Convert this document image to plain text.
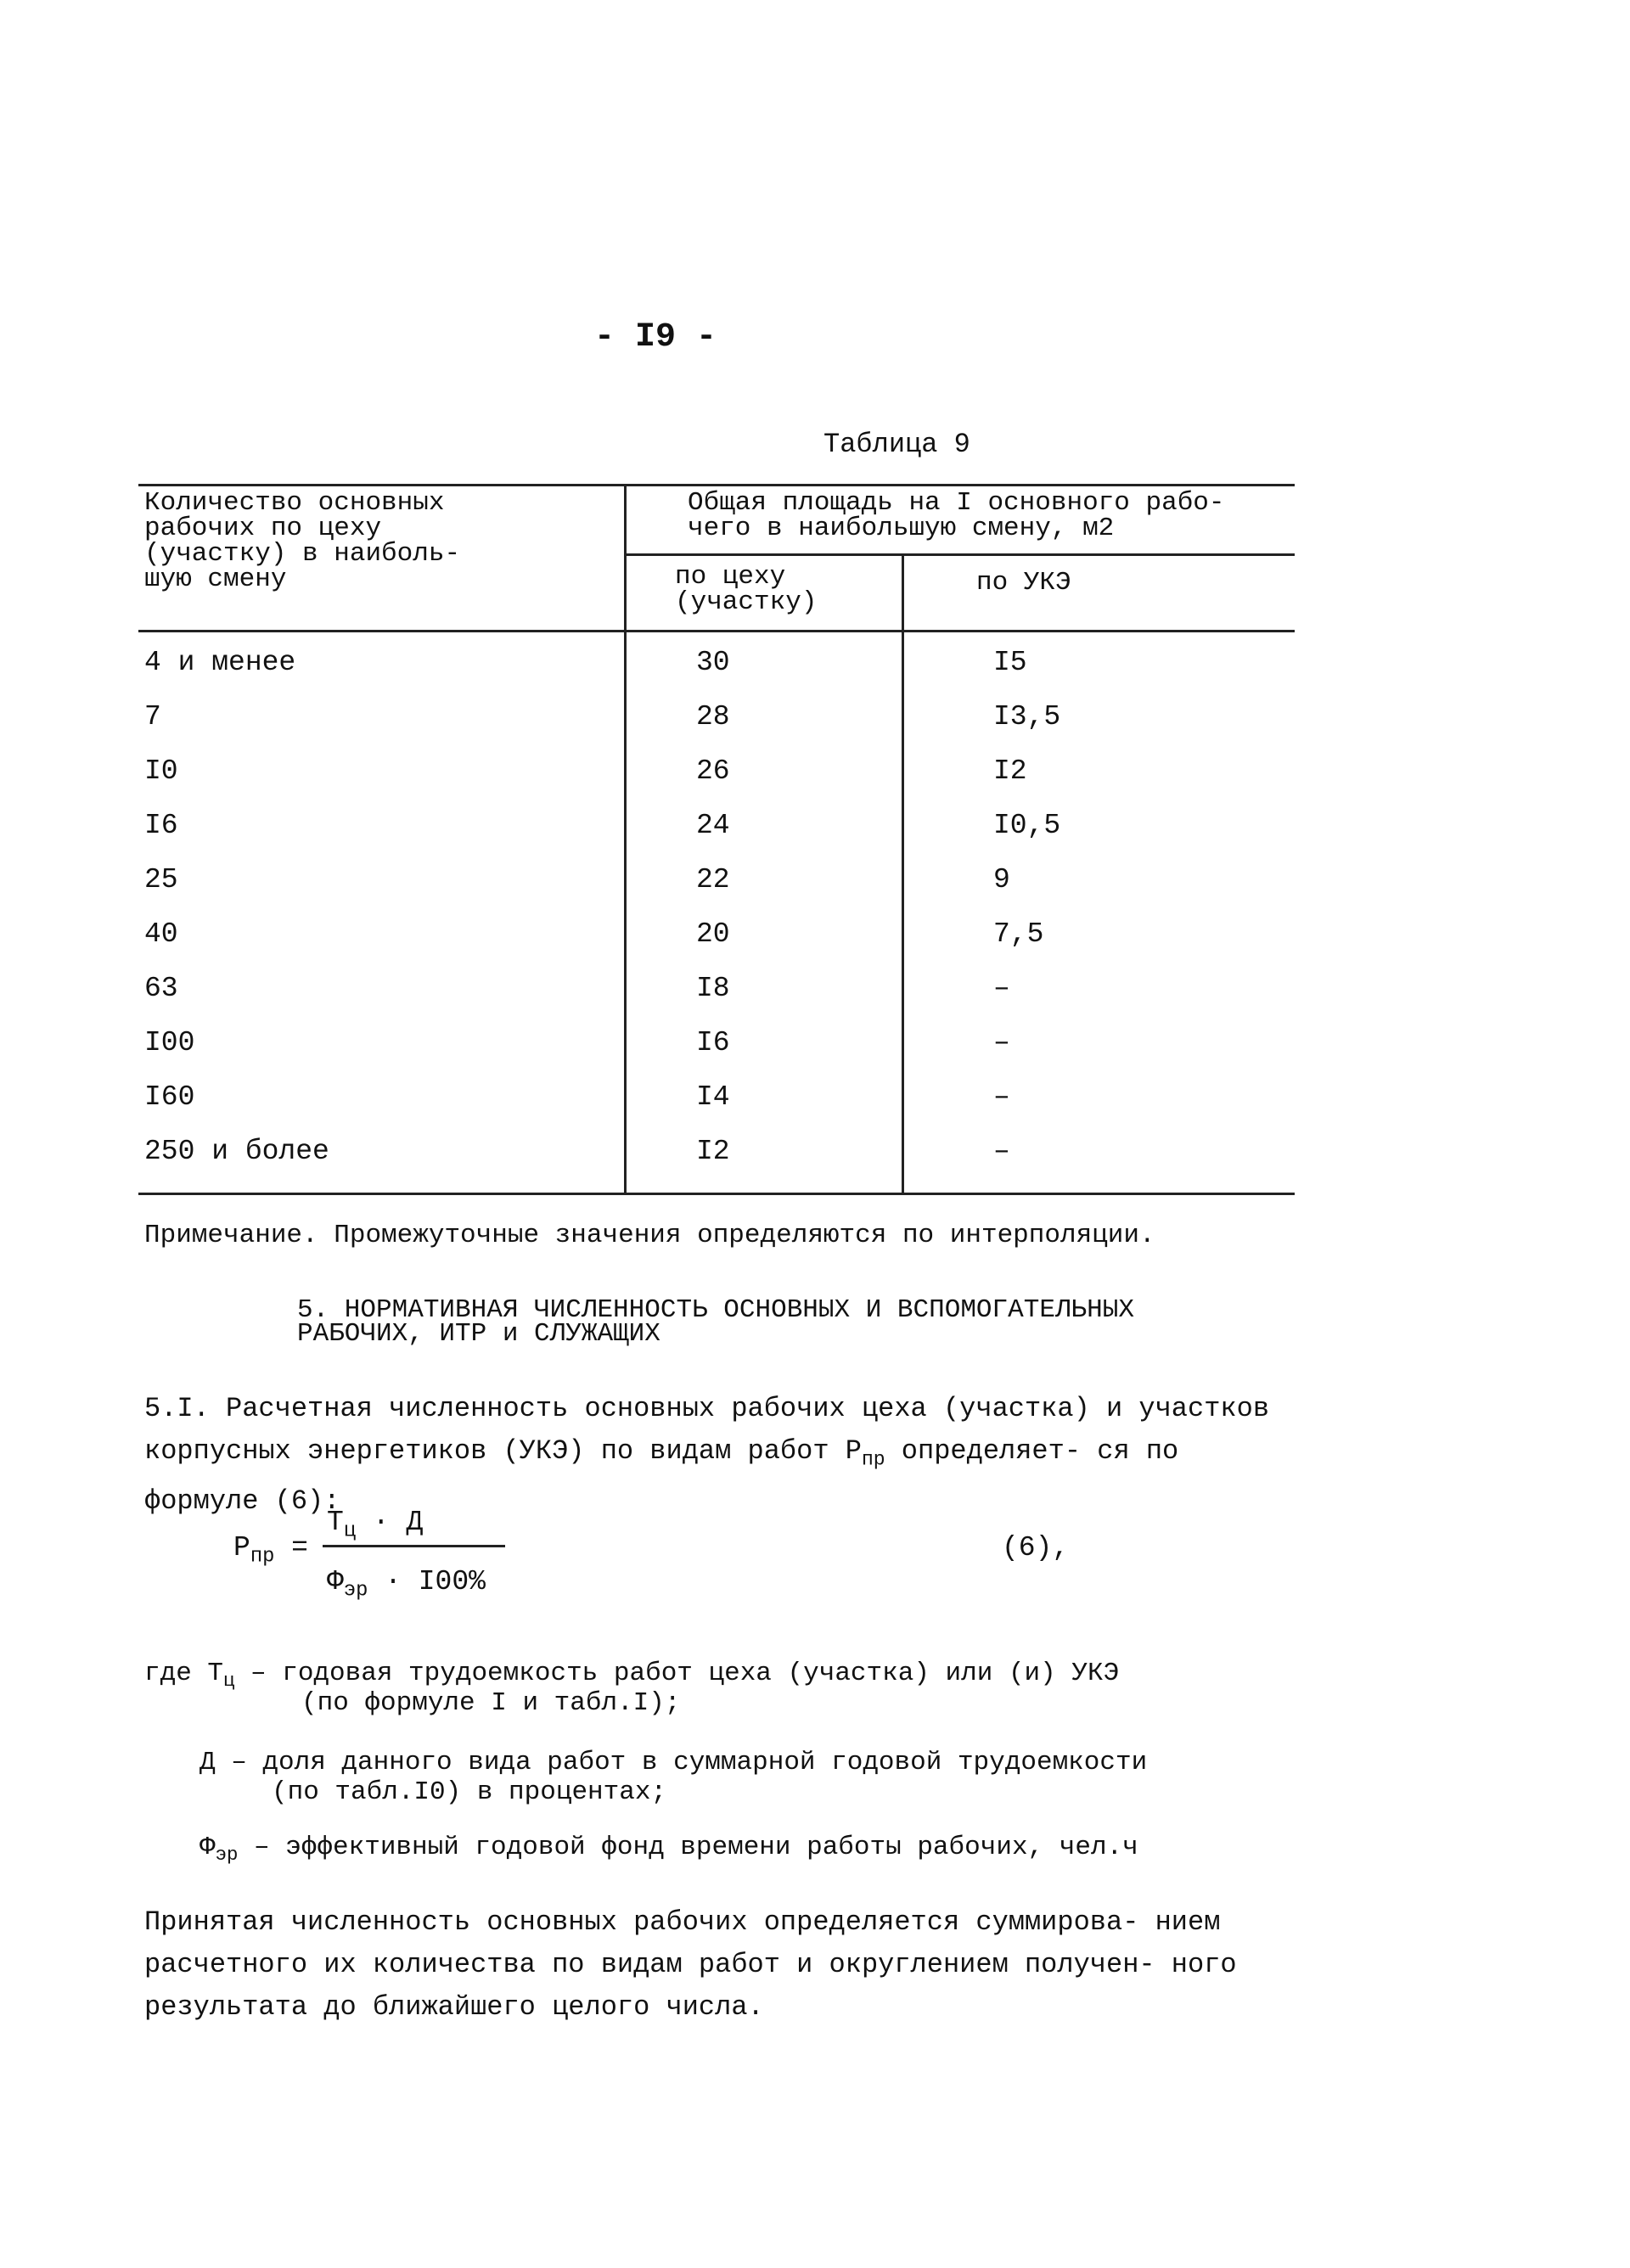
- I9 -
Таблица 9
Количество основных рабочих по цеху (участку) в наиболь- шую смену
Общая площадь на I основного рабо- чего в наибольшую смену, м2
по цеху (участку)
по УКЭ
4 и менее	30	I5
7	28	I3,5
I0	26	I2
I6	24	I0,5
25	22	9
40	20	7,5
63	I8	–
I00	I6	–
I60	I4	–
250 и более	I2	–
Примечание. Промежуточные значения определяются по интерполяции.
5. НОРМАТИВНАЯ ЧИСЛЕННОСТЬ ОСНОВНЫХ И ВСПОМОГАТЕЛЬНЫХ РАБОЧИХ, ИТР и СЛУЖАЩИХ
5.I. Расчетная численность основных рабочих цеха (участка) и участков корпусных энергетиков (УКЭ) по видам работ $Р_{пр}$ определяет- ся по формуле (6):
$Р_{пр}$ =
$Т_ц \cdot Д$
$Ф_{эр} \cdot I00\%$
(6),
где $Т_ц$ – годовая трудоемкость работ цеха (участка) или (и) УКЭ
(по формуле I и табл.I);
Д – доля данного вида работ в суммарной годовой трудоемкости
(по табл.I0) в процентах;
$Ф_{эр}$ – эффективный годовой фонд времени работы рабочих, чел.ч
Принятая численность основных рабочих определяется суммирова- нием расчетного их количества по видам работ и округлением получен- ного результата до ближайшего целого числа.
